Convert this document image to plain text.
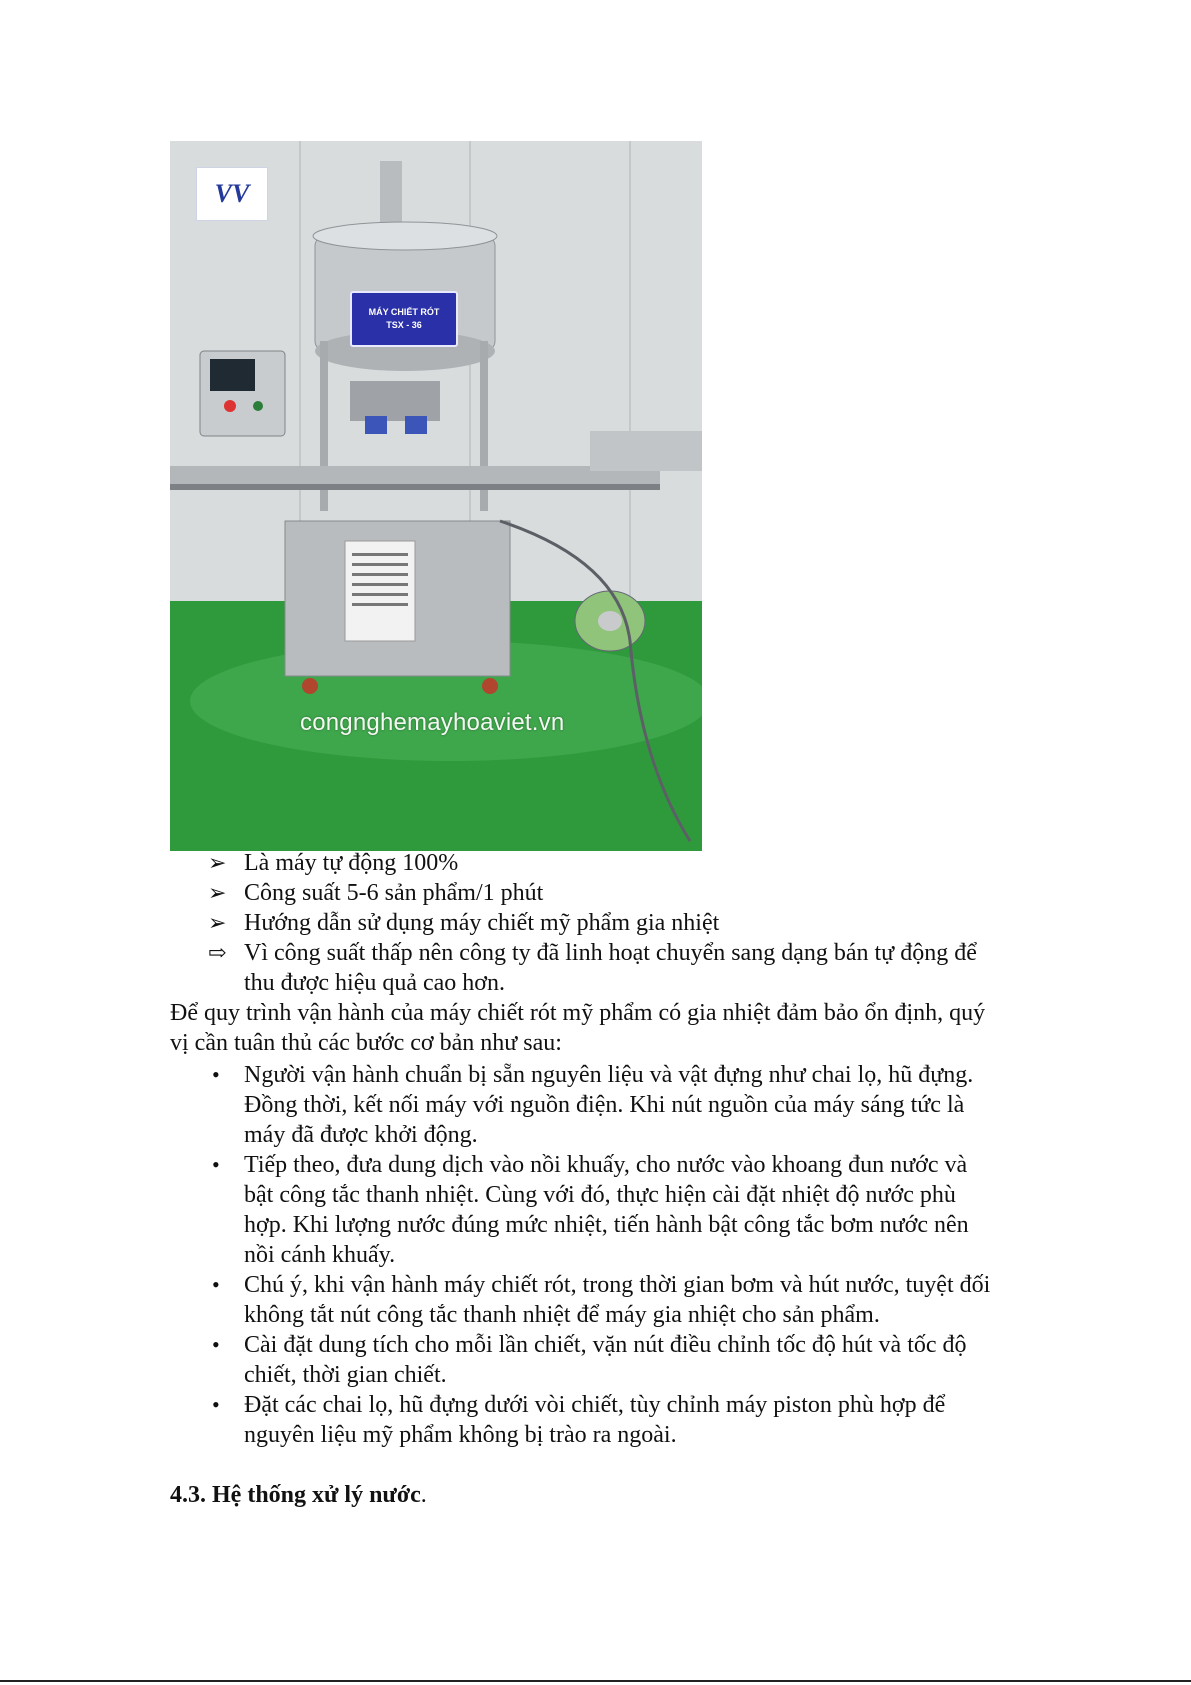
VV
MÁY CHIẾT RÓT
TSX - 36
congnghemayhoaviet.vn
➢ Là máy tự động 100%
➢ Công suất 5-6 sản phẩm/1 phút
➢ Hướng dẫn sử dụng máy chiết mỹ phẩm gia nhiệt
⇨ Vì công suất thấp nên công ty đã linh hoạt chuyển sang dạng bán tự động để
thu được hiệu quả cao hơn.
Để quy trình vận hành của máy chiết rót mỹ phẩm có gia nhiệt đảm bảo ổn định, quý
vị cần tuân thủ các bước cơ bản như sau:
• Người vận hành chuẩn bị sẵn nguyên liệu và vật đựng như chai lọ, hũ đựng.
Đồng thời, kết nối máy với nguồn điện. Khi nút nguồn của máy sáng tức là
máy đã được khởi động.
• Tiếp theo, đưa dung dịch vào nồi khuấy, cho nước vào khoang đun nước và
bật công tắc thanh nhiệt. Cùng với đó, thực hiện cài đặt nhiệt độ nước phù
hợp. Khi lượng nước đúng mức nhiệt, tiến hành bật công tắc bơm nước nên
nồi cánh khuấy.
• Chú ý, khi vận hành máy chiết rót, trong thời gian bơm và hút nước, tuyệt đối
không tắt nút công tắc thanh nhiệt để máy gia nhiệt cho sản phẩm.
• Cài đặt dung tích cho mỗi lần chiết, vặn nút điều chỉnh tốc độ hút và tốc độ
chiết, thời gian chiết.
• Đặt các chai lọ, hũ đựng dưới vòi chiết, tùy chỉnh máy piston phù hợp để
nguyên liệu mỹ phẩm không bị trào ra ngoài.
4.3. Hệ thống xử lý nước.
